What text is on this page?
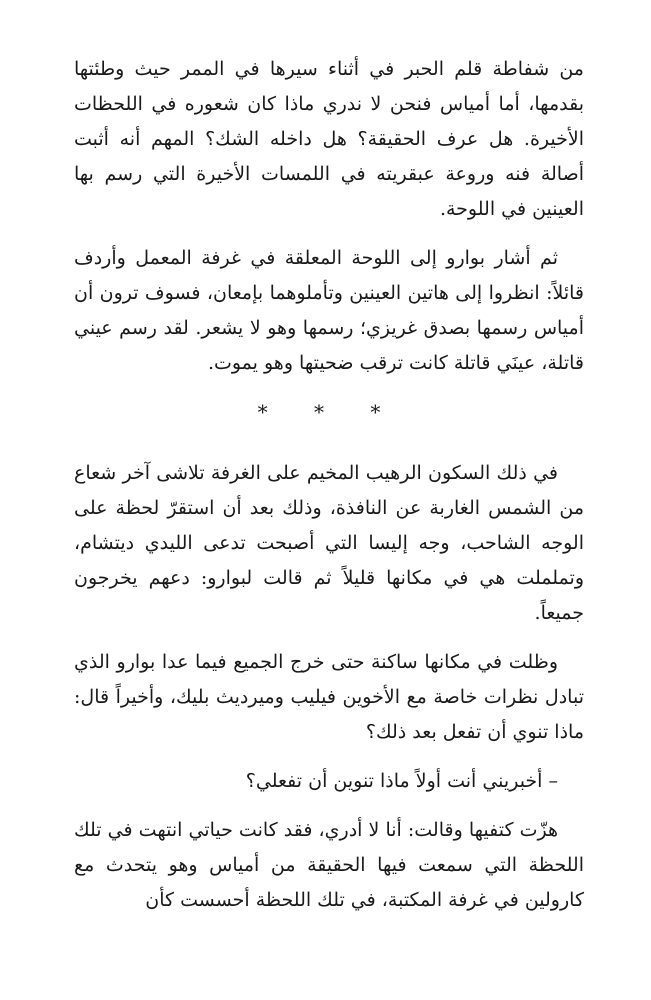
من شفاطة قلم الحبر في أثناء سيرها في الممر حيث وطئتها بقدمها، أما أمياس فنحن لا ندري ماذا كان شعوره في اللحظات الأخيرة. هل عرف الحقيقة؟ هل داخله الشك؟ المهم أنه أثبت أصالة فنه وروعة عبقريته في اللمسات الأخيرة التي رسم بها العينين في اللوحة.

ثم أشار بوارو إلى اللوحة المعلقة في غرفة المعمل وأردف قائلاً: انظروا إلى هاتين العينين وتأملوهما بإمعان، فسوف ترون أن أمياس رسمها بصدق غريزي؛ رسمها وهو لا يشعر. لقد رسم عيني قاتلة، عينَي قاتلة كانت ترقب ضحيتها وهو يموت.

* * *

في ذلك السكون الرهيب المخيم على الغرفة تلاشى آخر شعاع من الشمس الغاربة عن النافذة، وذلك بعد أن استقرّ لحظة على الوجه الشاحب، وجه إليسا التي أصبحت تدعى الليدي ديتشام، وتململت هي في مكانها قليلاً ثم قالت لبوارو: دعهم يخرجون جميعاً.

وظلت في مكانها ساكنة حتى خرج الجميع فيما عدا بوارو الذي تبادل نظرات خاصة مع الأخوين فيليب وميرديث بليك، وأخيراً قال: ماذا تنوي أن تفعل بعد ذلك؟

– أخبريني أنت أولاً ماذا تنوين أن تفعلي؟

هزّت كتفيها وقالت: أنا لا أدري، فقد كانت حياتي انتهت في تلك اللحظة التي سمعت فيها الحقيقة من أمياس وهو يتحدث مع كارولين في غرفة المكتبة، في تلك اللحظة أحسست كأن
